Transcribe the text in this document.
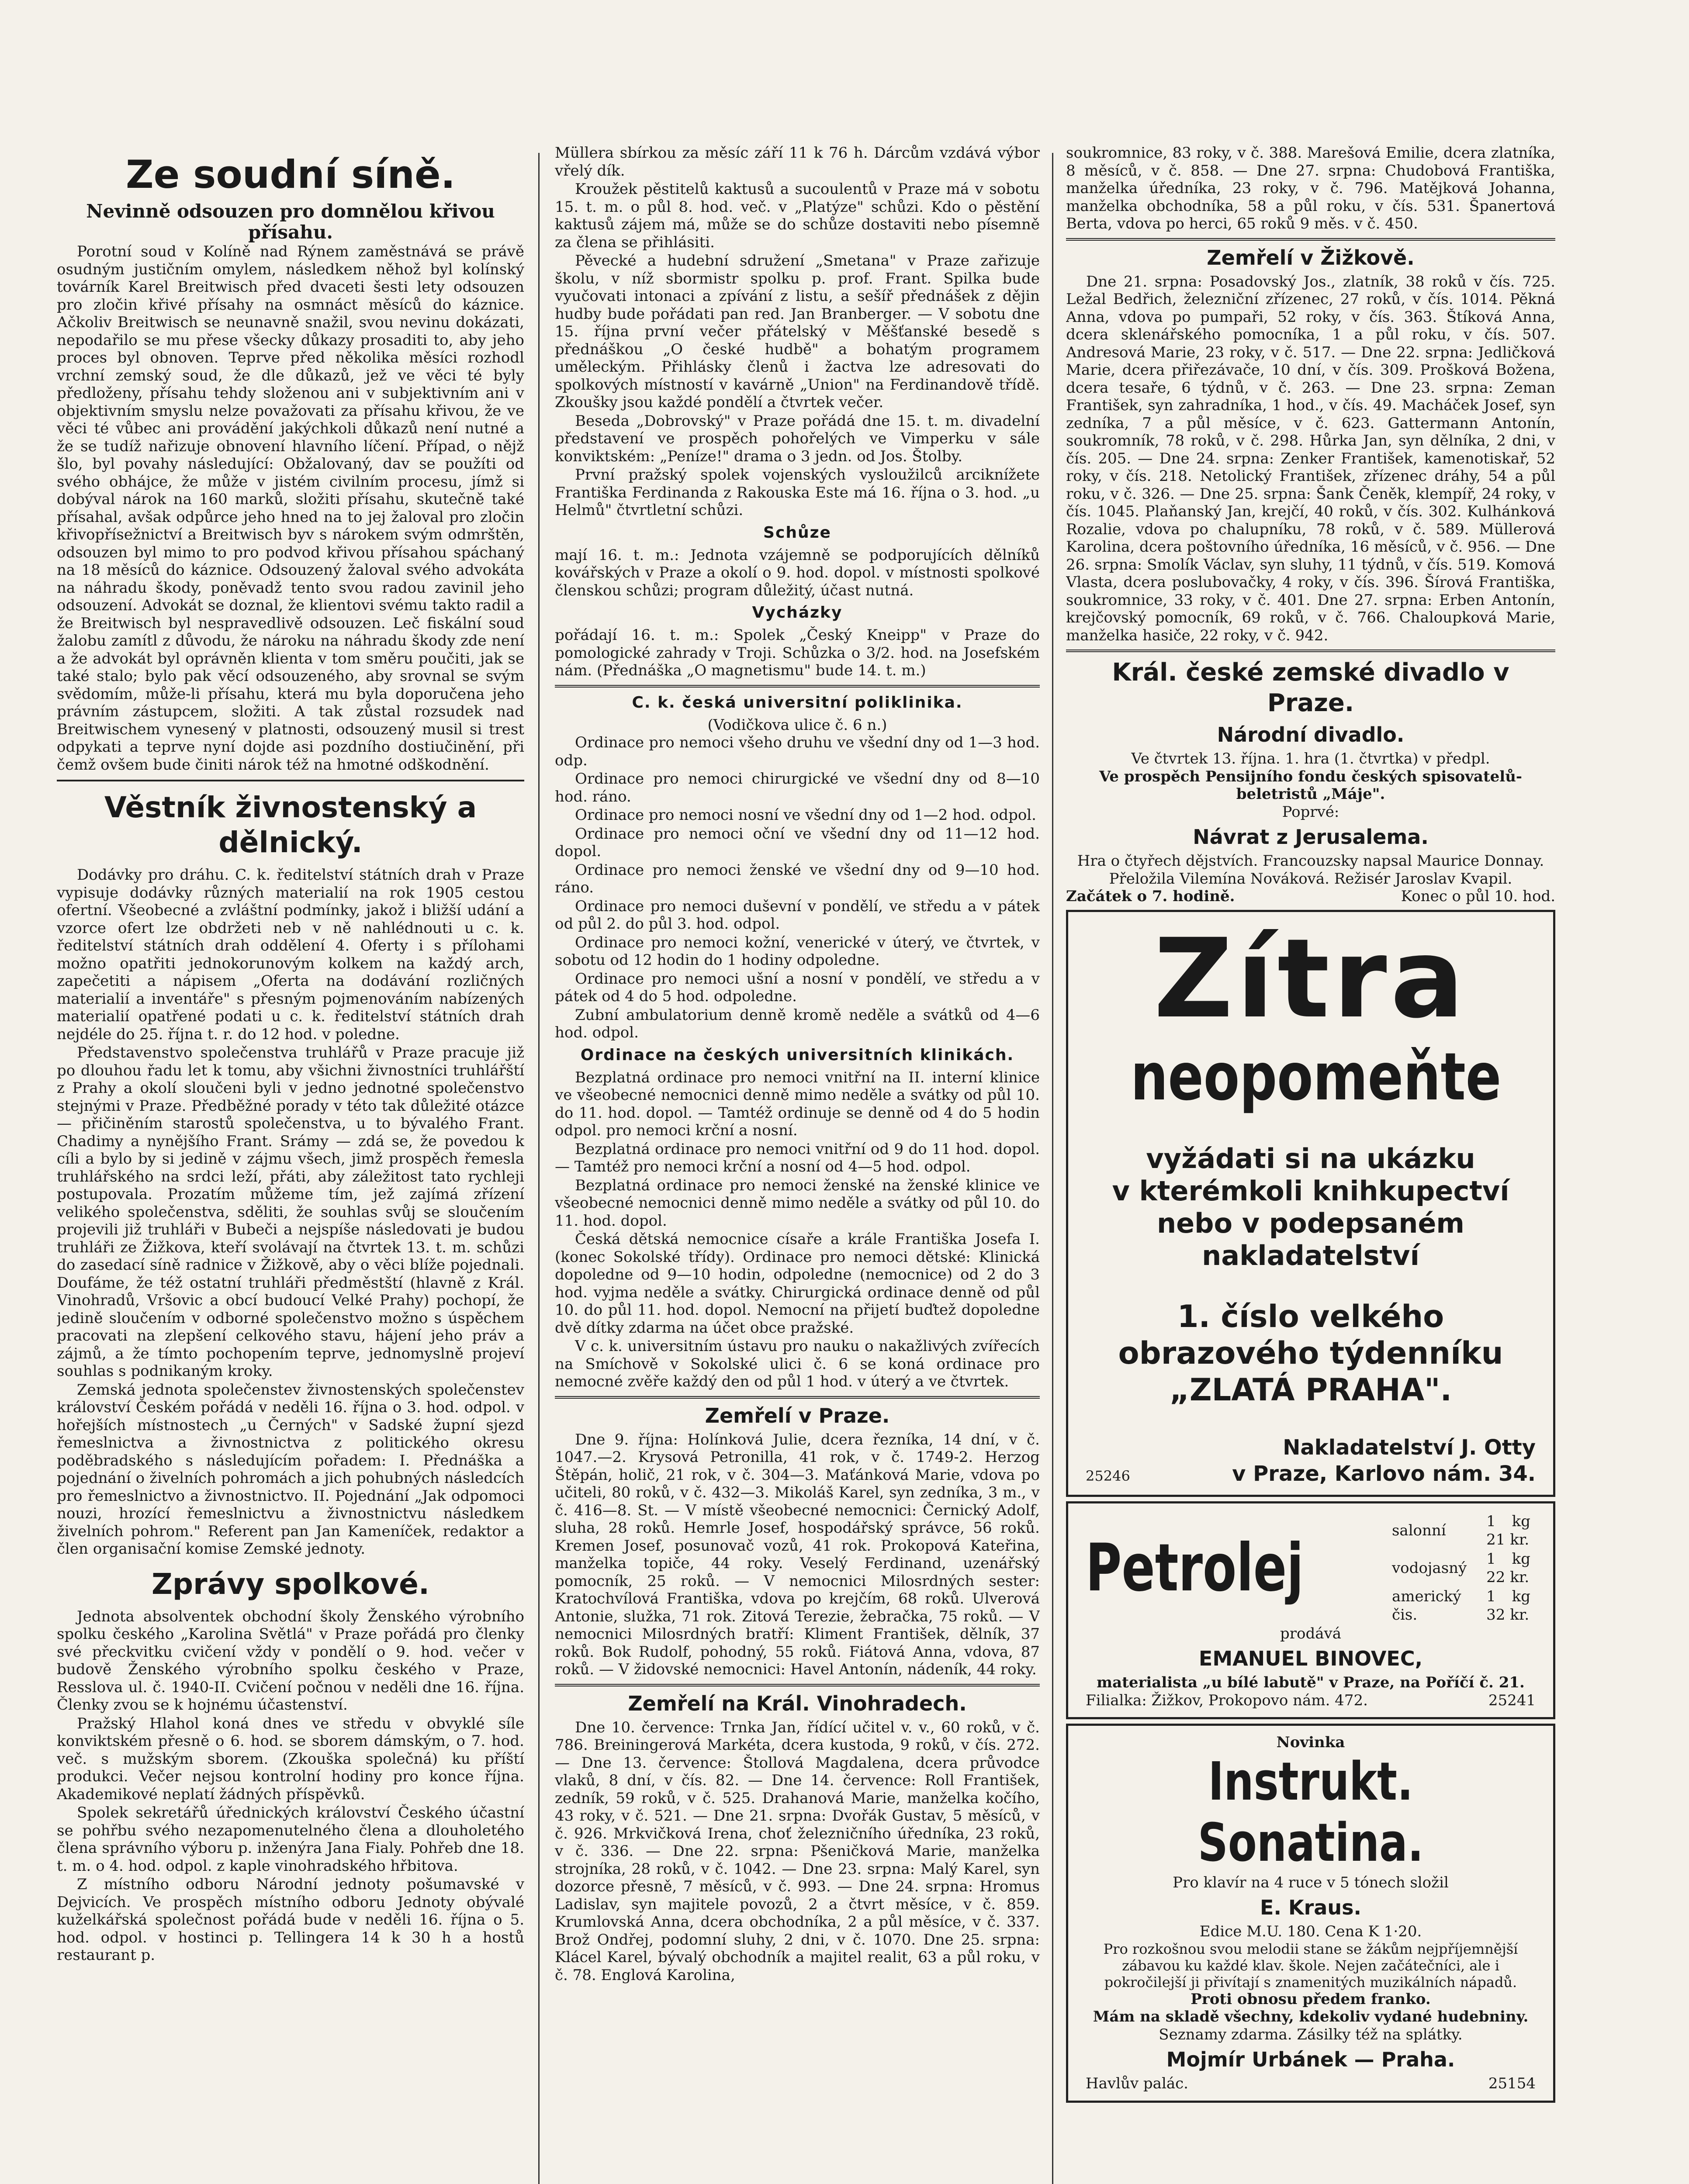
Ze soudní síně.
Nevinně odsouzen pro domnělou křivou přísahu.

Porotní soud v Kolíně nad Rýnem zaměstnává se právě osudným justičním omylem, následkem něhož byl kolínský továrník Karel Breitwisch před dvaceti šesti lety odsouzen pro zločin křivé přísahy na osmnáct měsíců do káznice. Ačkoliv Breitwisch se neunavně snažil, svou nevinu dokázati, nepodařilo se mu přese všecky důkazy prosaditi to, aby jeho proces byl obnoven. Teprve před několika měsíci rozhodl vrchní zemský soud, že dle důkazů, jež ve věci té byly předloženy, přísahu tehdy složenou ani v subjektivním ani v objektivním smyslu nelze považovati za přísahu křivou, že ve věci té vůbec ani provádění jakýchkoli důkazů není nutné a že se tudíž nařizuje obnovení hlavního líčení. Případ, o nějž šlo, byl povahy následující: Obžalovaný, dav se použíti od svého obhájce, že může v jistém civilním procesu, jímž si dobýval nárok na 160 marků, složiti přísahu, skutečně také přísahal, avšak odpůrce jeho hned na to jej žaloval pro zločin křivopřísežnictví a Breitwisch byv s nárokem svým odmrštěn, odsouzen byl mimo to pro podvod křivou přísahou spáchaný na 18 měsíců do káznice. Odsouzený žaloval svého advokáta na náhradu škody, poněvadž tento svou radou zavinil jeho odsouzení. Advokát se doznal, že klientovi svému takto radil a že Breitwisch byl nespravedlivě odsouzen. Leč fiskální soud žalobu zamítl z důvodu, že nároku na náhradu škody zde není a že advokát byl oprávněn klienta v tom směru poučiti, jak se také stalo; bylo pak věcí odsouzeného, aby srovnal se svým svědomím, může-li přísahu, která mu byla doporučena jeho právním zástupcem, složiti. A tak zůstal rozsudek nad Breitwischem vynesený v platnosti, odsouzený musil si trest odpykati a teprve nyní dojde asi pozdního dostiučinění, při čemž ovšem bude činiti nárok též na hmotné odškodnění.

Věstník živnostenský a dělnický.

Dodávky pro dráhu. C. k. ředitelství státních drah v Praze vypisuje dodávky různých materialií na rok 1905 cestou ofertní. Všeobecné a zvláštní podmínky, jakož i bližší udání a vzorce ofert lze obdržeti neb v ně nahlédnouti u c. k. ředitelství státních drah oddělení 4. Oferty i s přílohami možno opatřiti jednokorunovým kolkem na každý arch, zapečetiti a nápisem „Oferta na dodávání rozličných materialií a inventáře" s přesným pojmenováním nabízených materialií opatřené podati u c. k. ředitelství státních drah nejdéle do 25. října t. r. do 12 hod. v poledne.

Představenstvo společenstva truhlářů v Praze pracuje již po dlouhou řadu let k tomu, aby všichni živnostníci truhlářští z Prahy a okolí sloučeni byli v jedno jednotné společenstvo stejnými v Praze. Předběžné porady v této tak důležité otázce — přičiněním starostů společenstva, u to bývalého Frant. Chadimy a nynějšího Frant. Srámy — zdá se, že povedou k cíli a bylo by si jedině v zájmu všech, jimž prospěch řemesla truhlářského na srdci leží, přáti, aby záležitost tato rychleji postupovala. Prozatím můžeme tím, jež zajímá zřízení velikého společenstva, sděliti, že souhlas svůj se sloučením projevili již truhláři v Bubeči a nejspíše následovati je budou truhláři ze Žižkova, kteří svolávají na čtvrtek 13. t. m. schůzi do zasedací síně radnice v Žižkově, aby o věci blíže pojednali. Doufáme, že též ostatní truhláři předměstští (hlavně z Král. Vinohradů, Vršovic a obcí budoucí Velké Prahy) pochopí, že jedině sloučením v odborné společenstvo možno s úspěchem pracovati na zlepšení celkového stavu, hájení jeho práv a zájmů, a že tímto pochopením teprve, jednomyslně projeví souhlas s podnikaným kroky.

Zemská jednota společenstev živnostenských společenstev království Českém pořádá v neděli 16. října o 3. hod. odpol. v hořejších místnostech „u Černých" v Sadské župní sjezd řemeslnictva a živnostnictva z politického okresu poděbradského s následujícím pořadem: I. Přednáška a pojednání o živelních pohromách a jich pohubných následcích pro řemeslnictvo a živnostnictvo. II. Pojednání „Jak odpomoci nouzi, hrozící řemeslnictvu a živnostnictvu následkem živelních pohrom." Referent pan Jan Kameníček, redaktor a člen organisační komise Zemské jednoty.

Zprávy spolkové.

Jednota absolventek obchodní školy Ženského výrobního spolku českého „Karolina Světlá" v Praze pořádá pro členky své přeckvitku cvičení vždy v pondělí o 9. hod. večer v budově Ženského výrobního spolku českého v Praze, Resslova ul. č. 1940-II. Cvičení počnou v neděli dne 16. října. Členky zvou se k hojnému účastenství.

Pražský Hlahol koná dnes ve středu v obvyklé síle konviktském přesně o 6. hod. se sborem dámským, o 7. hod. več. s mužským sborem. (Zkouška společná) ku příští produkci. Večer nejsou kontrolní hodiny pro konce října. Akademikové neplatí žádných příspěvků.

Spolek sekretářů úřednických království Českého účastní se pohřbu svého nezapomenutelného člena a dlouholetého člena správního výboru p. inženýra Jana Fialy. Pohřeb dne 18. t. m. o 4. hod. odpol. z kaple vinohradského hřbitova.

Z místního odboru Národní jednoty pošumavské v Dejvicích. Ve prospěch místního odboru Jednoty obývalé kuželkářská společnost pořádá bude v neděli 16. října o 5. hod. odpol. v hostinci p. Tellingera 14 k 30 h a hostů restaurant p.

Müllera sbírkou za měsíc září 11 k 76 h. Dárcům vzdává výbor vřelý dík.

Kroužek pěstitelů kaktusů a sucoulentů v Praze má v sobotu 15. t. m. o půl 8. hod. več. v „Platýze" schůzi. Kdo o pěstění kaktusů zájem má, může se do schůze dostaviti nebo písemně za člena se přihlásiti.

Pěvecké a hudební sdružení „Smetana" v Praze zařizuje školu, v níž sbormistr spolku p. prof. Frant. Spilka bude vyučovati intonaci a zpívání z listu, a sešíř přednášek z dějin hudby bude pořádati pan red. Jan Branberger. — V sobotu dne 15. října první večer přátelský v Měšťanské besedě s přednáškou „O české hudbě" a bohatým programem uměleckým. Přihlásky členů i žactva lze adresovati do spolkových místností v kavárně „Union" na Ferdinandově třídě. Zkoušky jsou každé pondělí a čtvrtek večer.

Beseda „Dobrovský" v Praze pořádá dne 15. t. m. divadelní představení ve prospěch pohořelých ve Vimperku v sále konviktském: „Peníze!" drama o 3 jedn. od Jos. Štolby.

První pražský spolek vojenských vysloužilců arciknížete Františka Ferdinanda z Rakouska Este má 16. října o 3. hod. „u Helmů" čtvrtletní schůzi.

Schůze

mají 16. t. m.: Jednota vzájemně se podporujících dělníků kovářských v Praze a okolí o 9. hod. dopol. v místnosti spolkové členskou schůzi; program důležitý, účast nutná.

Vycházky

pořádají 16. t. m.: Spolek „Český Kneipp" v Praze do pomologické zahrady v Troji. Schůzka o 3/2. hod. na Josefském nám. (Přednáška „O magnetismu" bude 14. t. m.)

C. k. česká universitní poliklinika.
(Vodičkova ulice č. 6 n.)

Ordinace pro nemoci všeho druhu ve všední dny od 1—3 hod. odp.

Ordinace pro nemoci chirurgické ve všední dny od 8—10 hod. ráno.

Ordinace pro nemoci nosní ve všední dny od 1—2 hod. odpol.

Ordinace pro nemoci oční ve všední dny od 11—12 hod. dopol.

Ordinace pro nemoci ženské ve všední dny od 9—10 hod. ráno.

Ordinace pro nemoci duševní v pondělí, ve středu a v pátek od půl 2. do půl 3. hod. odpol.

Ordinace pro nemoci kožní, venerické v úterý, ve čtvrtek, v sobotu od 12 hodin do 1 hodiny odpoledne.

Ordinace pro nemoci ušní a nosní v pondělí, ve středu a v pátek od 4 do 5 hod. odpoledne.

Zubní ambulatorium denně kromě neděle a svátků od 4—6 hod. odpol.

Ordinace na českých universitních klinikách.

Bezplatná ordinace pro nemoci vnitřní na II. interní klinice ve všeobecné nemocnici denně mimo neděle a svátky od půl 10. do 11. hod. dopol. — Tamtéž ordinuje se denně od 4 do 5 hodin odpol. pro nemoci krční a nosní.

Bezplatná ordinace pro nemoci vnitřní od 9 do 11 hod. dopol. — Tamtéž pro nemoci krční a nosní od 4—5 hod. odpol.

Bezplatná ordinace pro nemoci ženské na ženské klinice ve všeobecné nemocnici denně mimo neděle a svátky od půl 10. do 11. hod. dopol.

Česká dětská nemocnice císaře a krále Františka Josefa I. (konec Sokolské třídy). Ordinace pro nemoci dětské: Klinická dopoledne od 9—10 hodin, odpoledne (nemocnice) od 2 do 3 hod. vyjma neděle a svátky. Chirurgická ordinace denně od půl 10. do půl 11. hod. dopol. Nemocní na přijetí buďtež dopoledne dvě dítky zdarma na účet obce pražské.

V c. k. universitním ústavu pro nauku o nakažlivých zvířecích na Smíchově v Sokolské ulici č. 6 se koná ordinace pro nemocné zvěře každý den od půl 1 hod. v úterý a ve čtvrtek.

Zemřelí v Praze.

Dne 9. října: Holínková Julie, dcera řezníka, 14 dní, v č. 1047.—2. Krysová Petronilla, 41 rok, v č. 1749-2. Herzog Štěpán, holič, 21 rok, v č. 304—3. Maťánková Marie, vdova po učiteli, 80 roků, v č. 432—3. Mikoláš Karel, syn zedníka, 3 m., v č. 416—8. St. — V místě všeobecné nemocnici: Černický Adolf, sluha, 28 roků. Hemrle Josef, hospodářský správce, 56 roků. Kremen Josef, posunovač vozů, 41 rok. Prokopová Kateřina, manželka topiče, 44 roky. Veselý Ferdinand, uzenářský pomocník, 25 roků. — V nemocnici Milosrdných sester: Kratochvílová Františka, vdova po krejčím, 68 roků. Ulverová Antonie, služka, 71 rok. Zitová Terezie, žebračka, 75 roků. — V nemocnici Milosrdných bratří: Kliment František, dělník, 37 roků. Bok Rudolf, pohodný, 55 roků. Fiátová Anna, vdova, 87 roků. — V židovské nemocnici: Havel Antonín, nádeník, 44 roky.

Zemřelí na Král. Vinohradech.

Dne 10. července: Trnka Jan, řídící učitel v. v., 60 roků, v č. 786. Breiningerová Markéta, dcera kustoda, 9 roků, v čís. 272. — Dne 13. července: Štollová Magdalena, dcera průvodce vlaků, 8 dní, v čís. 82. — Dne 14. července: Roll František, zedník, 59 roků, v č. 525. Drahanová Marie, manželka kočího, 43 roky, v č. 521. — Dne 21. srpna: Dvořák Gustav, 5 měsíců, v č. 926. Mrkvičková Irena, choť železničního úředníka, 23 roků, v č. 336. — Dne 22. srpna: Pšeničková Marie, manželka strojníka, 28 roků, v č. 1042. — Dne 23. srpna: Malý Karel, syn dozorce přesně, 7 měsíců, v č. 993. — Dne 24. srpna: Hromus Ladislav, syn majitele povozů, 2 a čtvrt měsíce, v č. 859. Krumlovská Anna, dcera obchodníka, 2 a půl měsíce, v č. 337. Brož Ondřej, podomní sluhy, 2 dni, v č. 1070. Dne 25. srpna: Klácel Karel, bývalý obchodník a majitel realit, 63 a půl roku, v č. 78. Englová Karolina,

soukromnice, 83 roky, v č. 388. Marešová Emilie, dcera zlatníka, 8 měsíců, v č. 858. — Dne 27. srpna: Chudobová Františka, manželka úředníka, 23 roky, v č. 796. Matějková Johanna, manželka obchodníka, 58 a půl roku, v čís. 531. Španertová Berta, vdova po herci, 65 roků 9 měs. v č. 450.

Zemřelí v Žižkově.

Dne 21. srpna: Posadovský Jos., zlatník, 38 roků v čís. 725. Ležal Bedřich, železniční zřízenec, 27 roků, v čís. 1014. Pěkná Anna, vdova po pumpaři, 52 roky, v čís. 363. Štíková Anna, dcera sklenářského pomocníka, 1 a půl roku, v čís. 507. Andresová Marie, 23 roky, v č. 517. — Dne 22. srpna: Jedličková Marie, dcera přiřezávače, 10 dní, v čís. 309. Prošková Božena, dcera tesaře, 6 týdnů, v č. 263. — Dne 23. srpna: Zeman František, syn zahradníka, 1 hod., v čís. 49. Macháček Josef, syn zedníka, 7 a půl měsíce, v č. 623. Gattermann Antonín, soukromník, 78 roků, v č. 298. Hůrka Jan, syn dělníka, 2 dni, v čís. 205. — Dne 24. srpna: Zenker František, kamenotiskař, 52 roky, v čís. 218. Netolický František, zřízenec dráhy, 54 a půl roku, v č. 326. — Dne 25. srpna: Šank Čeněk, klempíř, 24 roky, v čís. 1045. Plaňanský Jan, krejčí, 40 roků, v čís. 302. Kulhánková Rozalie, vdova po chalupníku, 78 roků, v č. 589. Müllerová Karolina, dcera poštovního úředníka, 16 měsíců, v č. 956. — Dne 26. srpna: Smolík Václav, syn sluhy, 11 týdnů, v čís. 519. Komová Vlasta, dcera poslubovačky, 4 roky, v čís. 396. Šírová Františka, soukromnice, 33 roky, v č. 401. Dne 27. srpna: Erben Antonín, krejčovský pomocník, 69 roků, v č. 766. Chaloupková Marie, manželka hasiče, 22 roky, v č. 942.

Král. české zemské divadlo v Praze.
Národní divadlo.
Ve čtvrtek 13. října. 1. hra (1. čtvrtka) v předpl.
Ve prospěch Pensijního fondu českých spisovatelů-beletristů „Máje".
Poprvé:
Návrat z Jerusalema.
Hra o čtyřech dějstvích. Francouzsky napsal Maurice Donnay. Přeložila Vilemína Nováková. Režisér Jaroslav Kvapil.
Začátek o 7. hodině.	Konec o půl 10. hod.
Zítra
neopomeňte
vyžádati si na ukázku
v kterémkoli knihkupectví nebo v podepsaném nakladatelství
1. číslo velkého obrazového týdenníku „ZLATÁ PRAHA".
Nakladatelství J. Otty
25246	v Praze, Karlovo nám. 34.
Petrolej	salonní	1 kg 21 kr.
vodojasný	1 kg 22 kr.
americký čis.	1 kg 32 kr.
prodává
EMANUEL BINOVEC,
materialista „u bílé labutě" v Praze, na Poříčí č. 21.
Filialka: Žižkov, Prokopovo nám. 472.	25241
Novinka
Instrukt. Sonatina.
Pro klavír na 4 ruce v 5 tónech složil
E. Kraus.
Edice M.U. 180. Cena K 1·20.
Pro rozkošnou svou melodii stane se žákům nejpříjemnější zábavou ku každé klav. škole. Nejen začátečníci, ale i pokročilejší ji přivítají s znamenitých muzikálních nápadů.
Proti obnosu předem franko.
Mám na skladě všechny, kdekoliv vydané hudebniny.
Seznamy zdarma. Zásilky též na splátky.
Mojmír Urbánek — Praha.
Havlův palác.	25154
